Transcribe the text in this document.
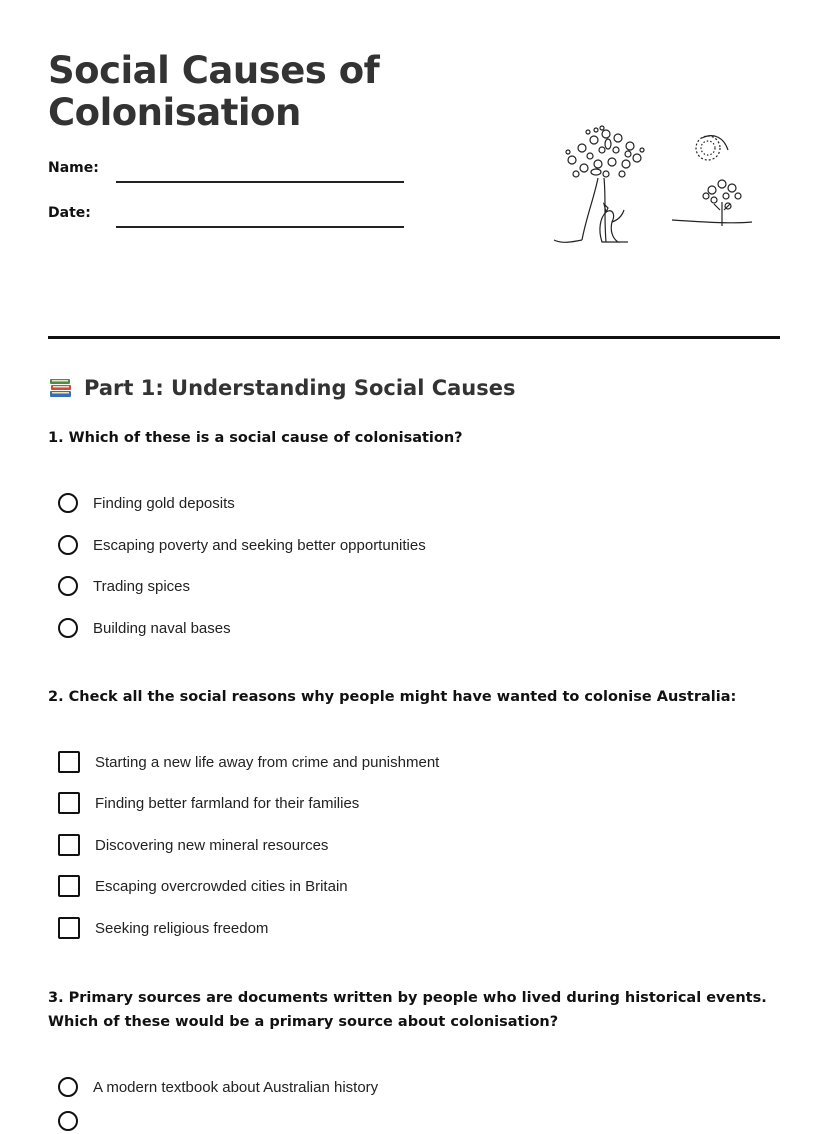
Social Causes of Colonisation
Name:
Date:
Part 1: Understanding Social Causes
1. Which of these is a social cause of colonisation?
Finding gold deposits
Escaping poverty and seeking better opportunities
Trading spices
Building naval bases
2. Check all the social reasons why people might have wanted to colonise Australia:
Starting a new life away from crime and punishment
Finding better farmland for their families
Discovering new mineral resources
Escaping overcrowded cities in Britain
Seeking religious freedom
3. Primary sources are documents written by people who lived during historical events. Which of these would be a primary source about colonisation?
A modern textbook about Australian history
